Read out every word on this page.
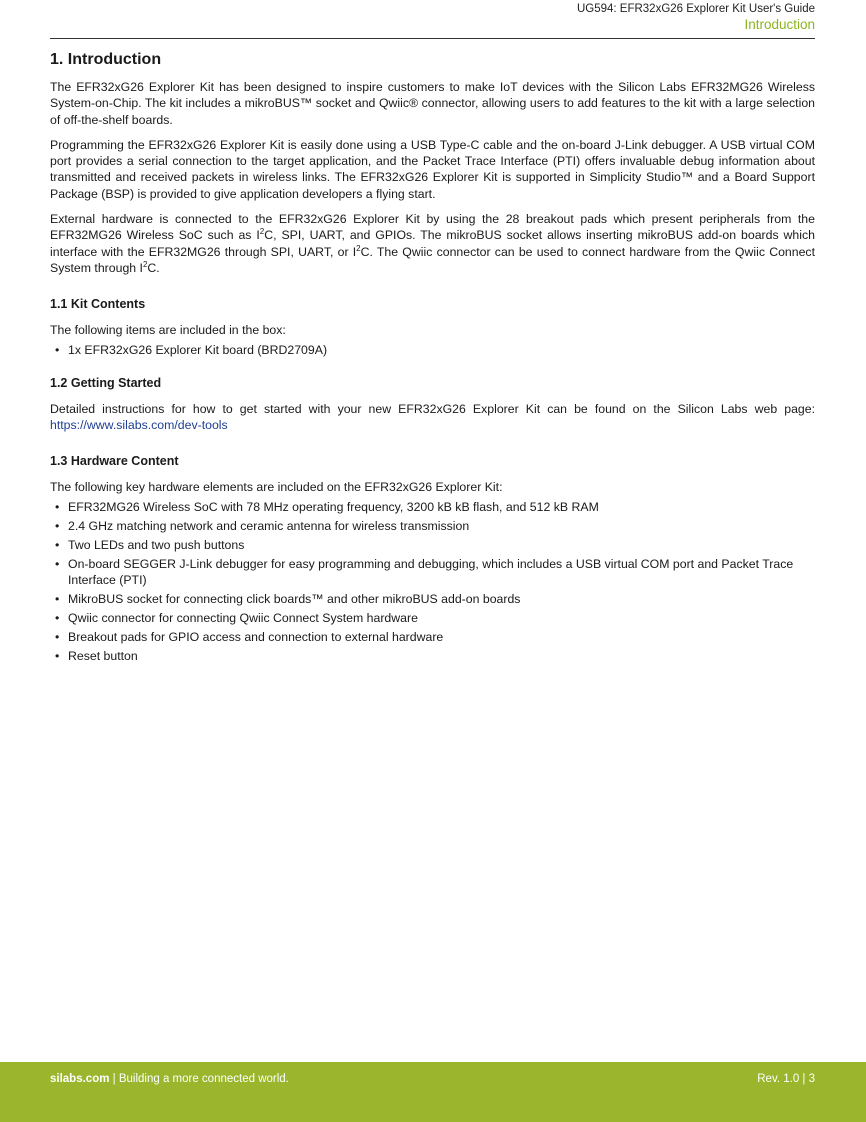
UG594: EFR32xG26 Explorer Kit User's Guide
Introduction
1. Introduction

The EFR32xG26 Explorer Kit has been designed to inspire customers to make IoT devices with the Silicon Labs EFR32MG26 Wireless System-on-Chip. The kit includes a mikroBUS™ socket and Qwiic® connector, allowing users to add features to the kit with a large selection of off-the-shelf boards.

Programming the EFR32xG26 Explorer Kit is easily done using a USB Type-C cable and the on-board J-Link debugger. A USB virtual COM port provides a serial connection to the target application, and the Packet Trace Interface (PTI) offers invaluable debug information about transmitted and received packets in wireless links. The EFR32xG26 Explorer Kit is supported in Simplicity Studio™ and a Board Support Package (BSP) is provided to give application developers a flying start.

External hardware is connected to the EFR32xG26 Explorer Kit by using the 28 breakout pads which present peripherals from the EFR32MG26 Wireless SoC such as $I^2C$, SPI, UART, and GPIOs. The mikroBUS socket allows inserting mikroBUS add-on boards which interface with the EFR32MG26 through SPI, UART, or $I^2C$. The Qwiic connector can be used to connect hardware from the Qwiic Connect System through $I^2C$.

1.1 Kit Contents

The following items are included in the box:

• 1x EFR32xG26 Explorer Kit board (BRD2709A)
1.2 Getting Started

Detailed instructions for how to get started with your new EFR32xG26 Explorer Kit can be found on the Silicon Labs web page: https://www.silabs.com/dev-tools

1.3 Hardware Content

The following key hardware elements are included on the EFR32xG26 Explorer Kit:

• EFR32MG26 Wireless SoC with 78 MHz operating frequency, 3200 kB kB flash, and 512 kB RAM
• 2.4 GHz matching network and ceramic antenna for wireless transmission
• Two LEDs and two push buttons
• On-board SEGGER J-Link debugger for easy programming and debugging, which includes a USB virtual COM port and Packet Trace Interface (PTI)
• MikroBUS socket for connecting click boards™ and other mikroBUS add-on boards
• Qwiic connector for connecting Qwiic Connect System hardware
• Breakout pads for GPIO access and connection to external hardware
• Reset button
silabs.com | Building a more connected world.	Rev. 1.0 | 3
